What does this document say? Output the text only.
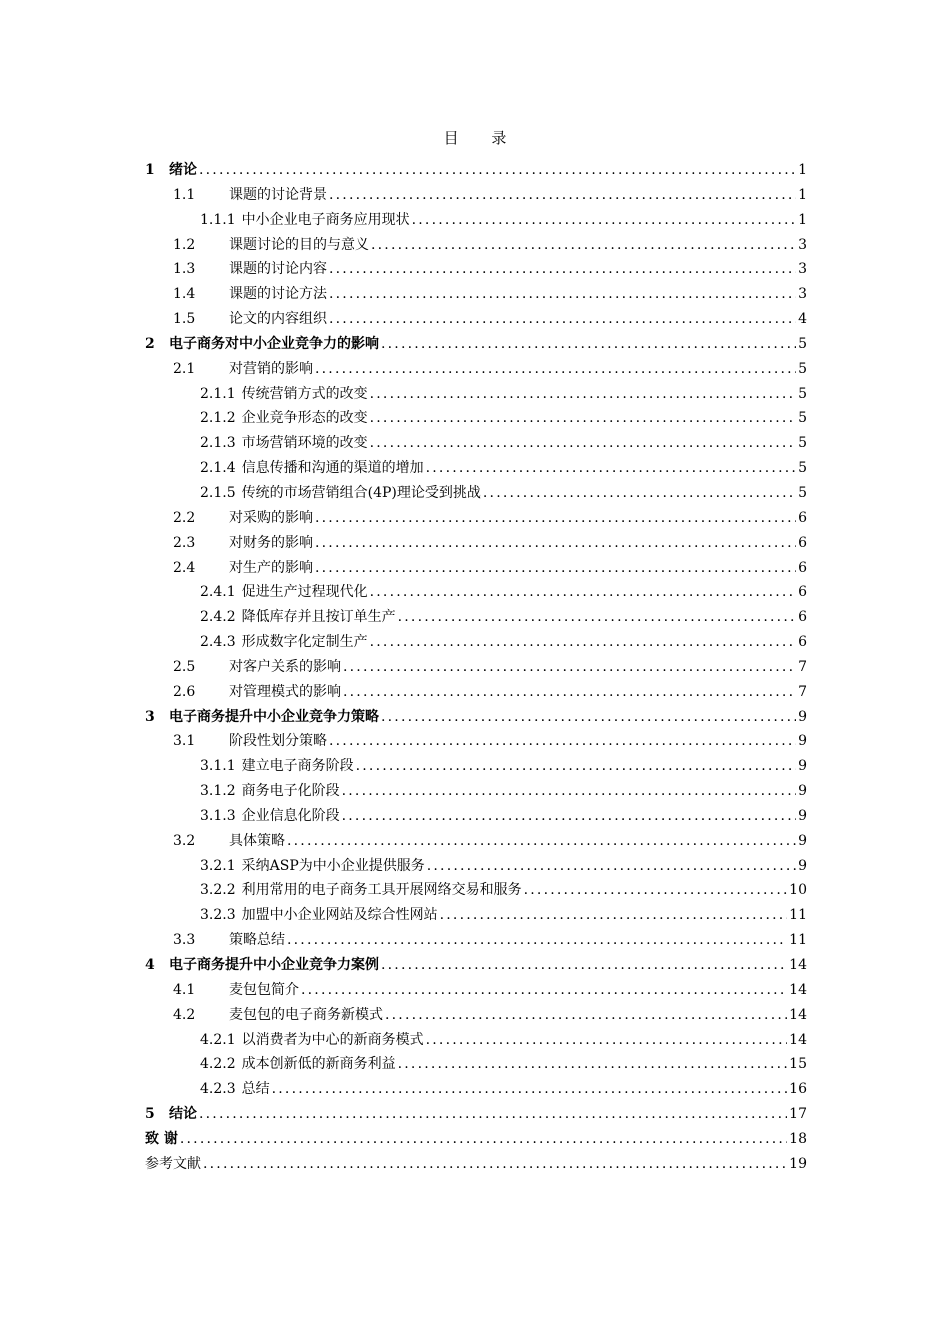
目 录
1	绪论 .....	1
1.1	课题的讨论背景 .....	1
1.1.1 中小企业电子商务应用现状 .....	1
1.2	课题讨论的目的与意义 .....	3
1.3	课题的讨论内容 .....	3
1.4	课题的讨论方法 .....	3
1.5	论文的内容组织 .....	4
2	电子商务对中小企业竞争力的影响 .....	5
2.1	对营销的影响 .....	5
2.1.1 传统营销方式的改变 .....	5
2.1.2 企业竞争形态的改变 .....	5
2.1.3 市场营销环境的改变 .....	5
2.1.4 信息传播和沟通的渠道的增加 .....	5
2.1.5 传统的市场营销组合(4P)理论受到挑战 .....	5
2.2	对采购的影响 .....	6
2.3	对财务的影响 .....	6
2.4	对生产的影响 .....	6
2.4.1 促进生产过程现代化 .....	6
2.4.2 降低库存并且按订单生产 .....	6
2.4.3 形成数字化定制生产 .....	6
2.5	对客户关系的影响 .....	7
2.6	对管理模式的影响 .....	7
3	电子商务提升中小企业竞争力策略 .....	9
3.1	阶段性划分策略 .....	9
3.1.1 建立电子商务阶段 .....	9
3.1.2 商务电子化阶段 .....	9
3.1.3 企业信息化阶段 .....	9
3.2	具体策略 .....	9
3.2.1 采纳ASP为中小企业提供服务 .....	9
3.2.2 利用常用的电子商务工具开展网络交易和服务 .....	10
3.2.3 加盟中小企业网站及综合性网站 .....	11
3.3	策略总结 .....	11
4	电子商务提升中小企业竞争力案例 .....	14
4.1	麦包包简介 .....	14
4.2	麦包包的电子商务新模式 .....	14
4.2.1 以消费者为中心的新商务模式 .....	14
4.2.2 成本创新低的新商务利益 .....	15
4.2.3 总结 .....	16
5	结论 .....	17
致 谢 .....	18
参考文献 .....	19
